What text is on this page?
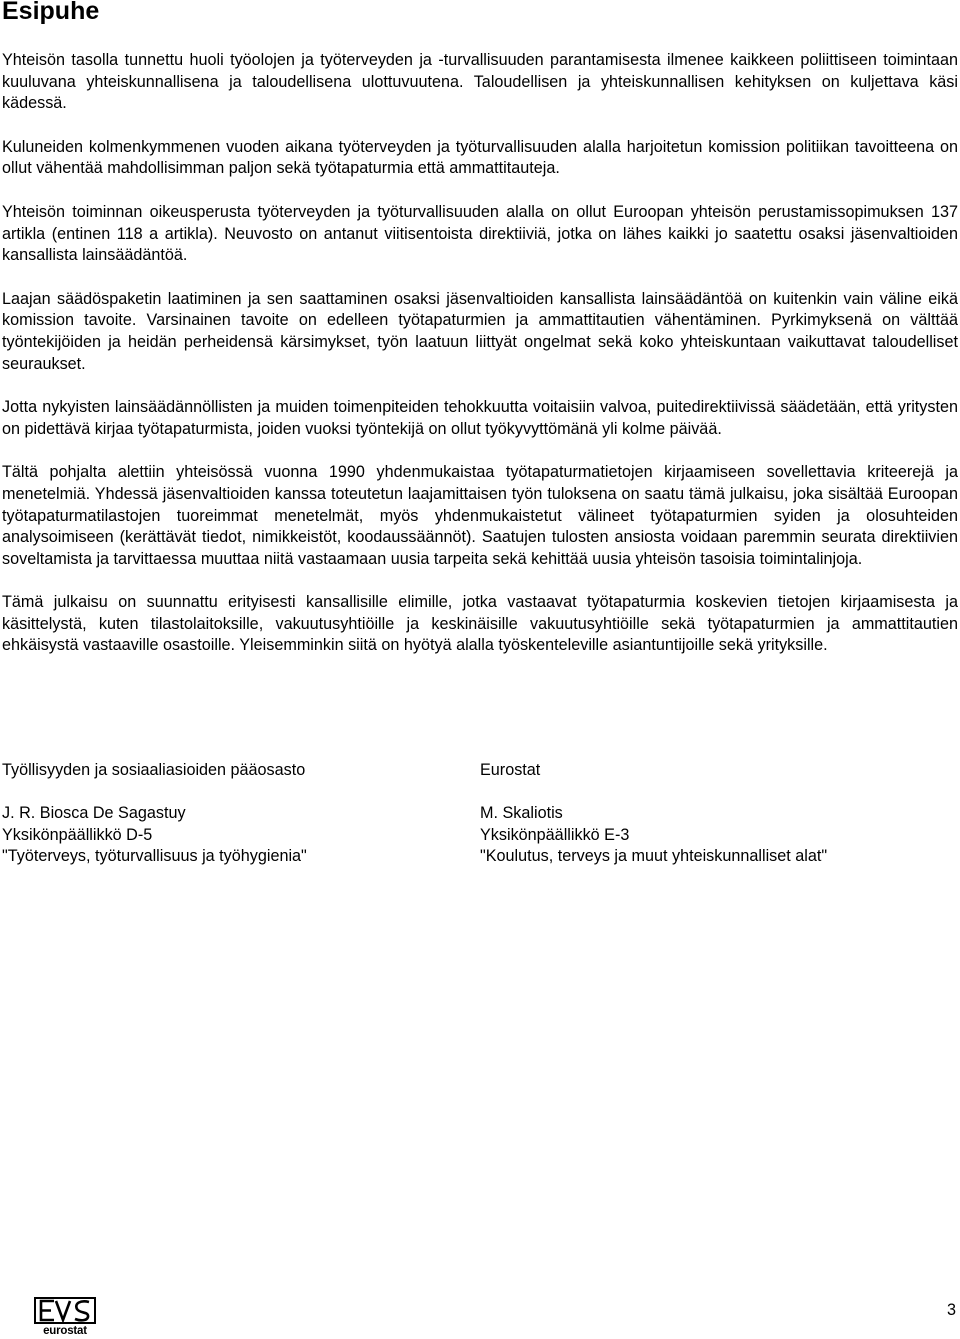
Esipuhe

Yhteisön tasolla tunnettu huoli työolojen ja työterveyden ja -turvallisuuden parantamisesta ilmenee kaikkeen poliittiseen toimintaan kuuluvana yhteiskunnallisena ja taloudellisena ulottuvuutena. Taloudellisen ja yhteiskunnallisen kehityksen on kuljettava käsi kädessä.

Kuluneiden kolmenkymmenen vuoden aikana työterveyden ja työturvallisuuden alalla harjoitetun komission politiikan tavoitteena on ollut vähentää mahdollisimman paljon sekä työtapaturmia että ammattitauteja.

Yhteisön toiminnan oikeusperusta työterveyden ja työturvallisuuden alalla on ollut Euroopan yhteisön perustamissopimuksen 137 artikla (entinen 118 a artikla). Neuvosto on antanut viitisentoista direktiiviä, jotka on lähes kaikki jo saatettu osaksi jäsenvaltioiden kansallista lainsäädäntöä.

Laajan säädöspaketin laatiminen ja sen saattaminen osaksi jäsenvaltioiden kansallista lainsäädäntöä on kuitenkin vain väline eikä komission tavoite. Varsinainen tavoite on edelleen työtapaturmien ja ammattitautien vähentäminen. Pyrkimyksenä on välttää työntekijöiden ja heidän perheidensä kärsimykset, työn laatuun liittyät ongelmat sekä koko yhteiskuntaan vaikuttavat taloudelliset seuraukset.

Jotta nykyisten lainsäädännöllisten ja muiden toimenpiteiden tehokkuutta voitaisiin valvoa, puitedirektiivissä säädetään, että yritysten on pidettävä kirjaa työtapaturmista, joiden vuoksi työntekijä on ollut työkyvyttömänä yli kolme päivää.

Tältä pohjalta alettiin yhteisössä vuonna 1990 yhdenmukaistaa työtapaturmatietojen kirjaamiseen sovellettavia kriteerejä ja menetelmiä. Yhdessä jäsenvaltioiden kanssa toteutetun laajamittaisen työn tuloksena on saatu tämä julkaisu, joka sisältää Euroopan työtapaturmatilastojen tuoreimmat menetelmät, myös yhdenmukaistetut välineet työtapaturmien syiden ja olosuhteiden analysoimiseen (kerättävät tiedot, nimikkeistöt, koodaussäännöt). Saatujen tulosten ansiosta voidaan paremmin seurata direktiivien soveltamista ja tarvittaessa muuttaa niitä vastaamaan uusia tarpeita sekä kehittää uusia yhteisön tasoisia toimintalinjoja.

Tämä julkaisu on suunnattu erityisesti kansallisille elimille, jotka vastaavat työtapaturmia koskevien tietojen kirjaamisesta ja käsittelystä, kuten tilastolaitoksille, vakuutusyhtiöille ja keskinäisille vakuutusyhtiöille sekä työtapaturmien ja ammattitautien ehkäisystä vastaaville osastoille. Yleisemminkin siitä on hyötyä alalla työskenteleville asiantuntijoille sekä yrityksille.

Työllisyyden ja sosiaaliasioiden pääosasto
J. R. Biosca De Sagastuy
Yksikönpäällikkö D-5
"Työterveys, työturvallisuus ja työhygienia"
Eurostat
M. Skaliotis
Yksikönpäällikkö E-3
"Koulutus, terveys ja muut yhteiskunnalliset alat"
eurostat
3
